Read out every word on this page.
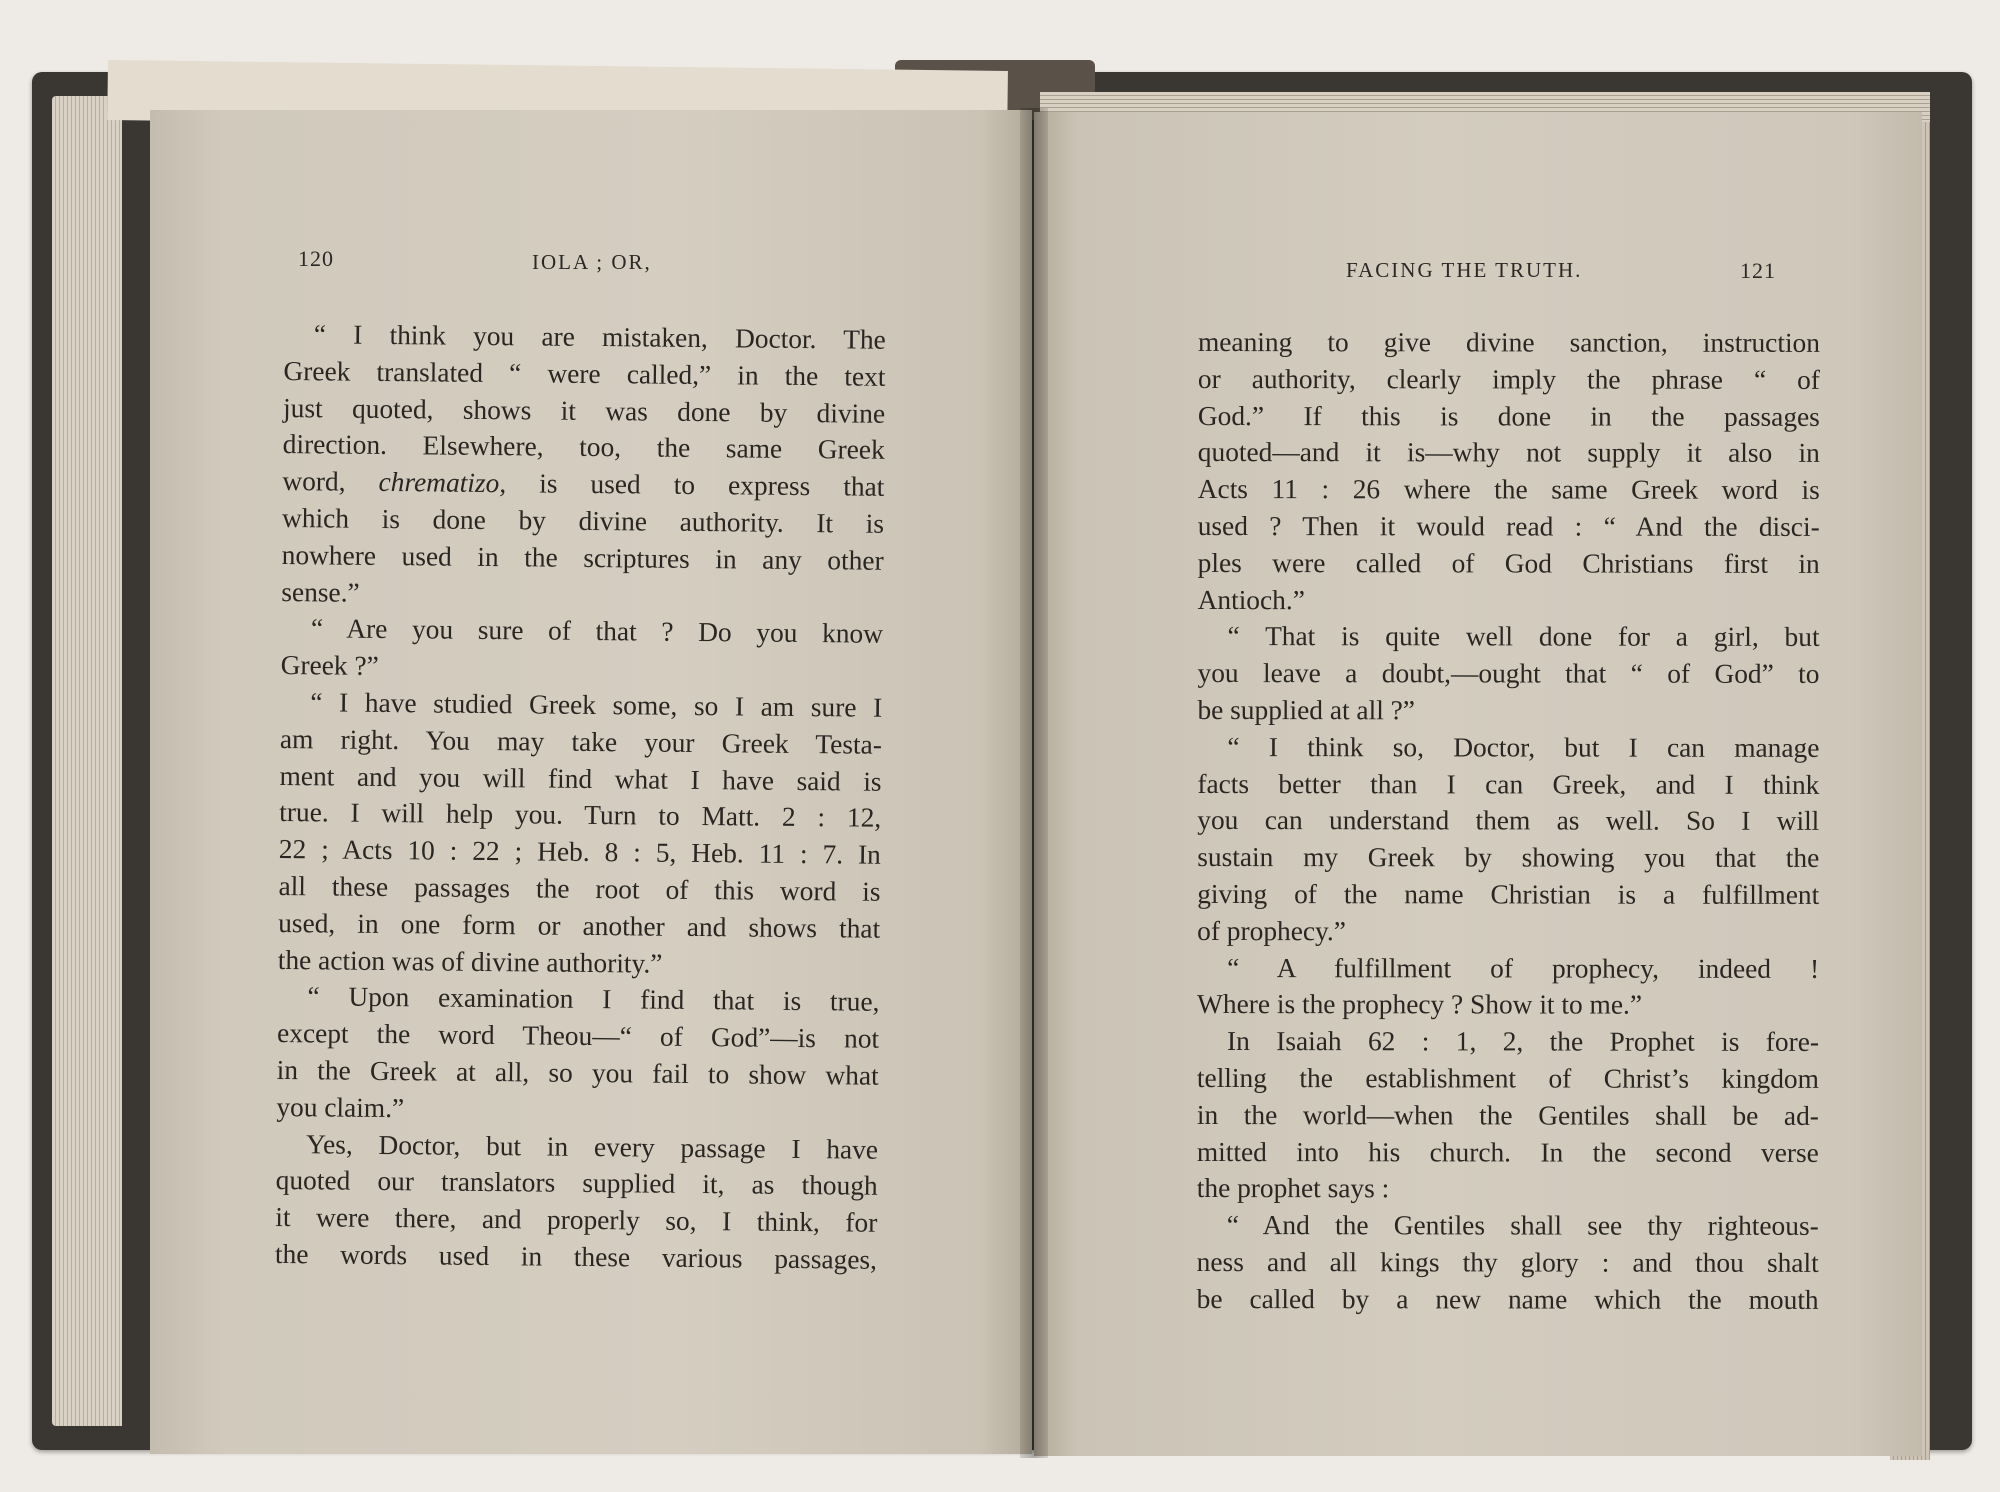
120	IOLA ; OR,
“ I think you are mistaken, Doctor. The
Greek translated “ were called,” in the text
just quoted, shows it was done by divine
direction. Elsewhere, too, the same Greek
word, chrematizo, is used to express that
which is done by divine authority. It is
nowhere used in the scriptures in any other
sense.”
“ Are you sure of that ? Do you know
Greek ?”
“ I have studied Greek some, so I am sure I
am right. You may take your Greek Testa-
ment and you will find what I have said is
true. I will help you. Turn to Matt. 2 : 12,
22 ; Acts 10 : 22 ; Heb. 8 : 5, Heb. 11 : 7. In
all these passages the root of this word is
used, in one form or another and shows that
the action was of divine authority.”
“ Upon examination I find that is true,
except the word Theou—“ of God”—is not
in the Greek at all, so you fail to show what
you claim.”
Yes, Doctor, but in every passage I have
quoted our translators supplied it, as though
it were there, and properly so, I think, for
the words used in these various passages,
FACING THE TRUTH.	121
meaning to give divine sanction, instruction
or authority, clearly imply the phrase “ of
God.” If this is done in the passages
quoted—and it is—why not supply it also in
Acts 11 : 26 where the same Greek word is
used ? Then it would read : “ And the disci-
ples were called of God Christians first in
Antioch.”
“ That is quite well done for a girl, but
you leave a doubt,—ought that “ of God” to
be supplied at all ?”
“ I think so, Doctor, but I can manage
facts better than I can Greek, and I think
you can understand them as well. So I will
sustain my Greek by showing you that the
giving of the name Christian is a fulfillment
of prophecy.”
“ A fulfillment of prophecy, indeed !
Where is the prophecy ? Show it to me.”
In Isaiah 62 : 1, 2, the Prophet is fore-
telling the establishment of Christ’s kingdom
in the world—when the Gentiles shall be ad-
mitted into his church. In the second verse
the prophet says :
“ And the Gentiles shall see thy righteous-
ness and all kings thy glory : and thou shalt
be called by a new name which the mouth
